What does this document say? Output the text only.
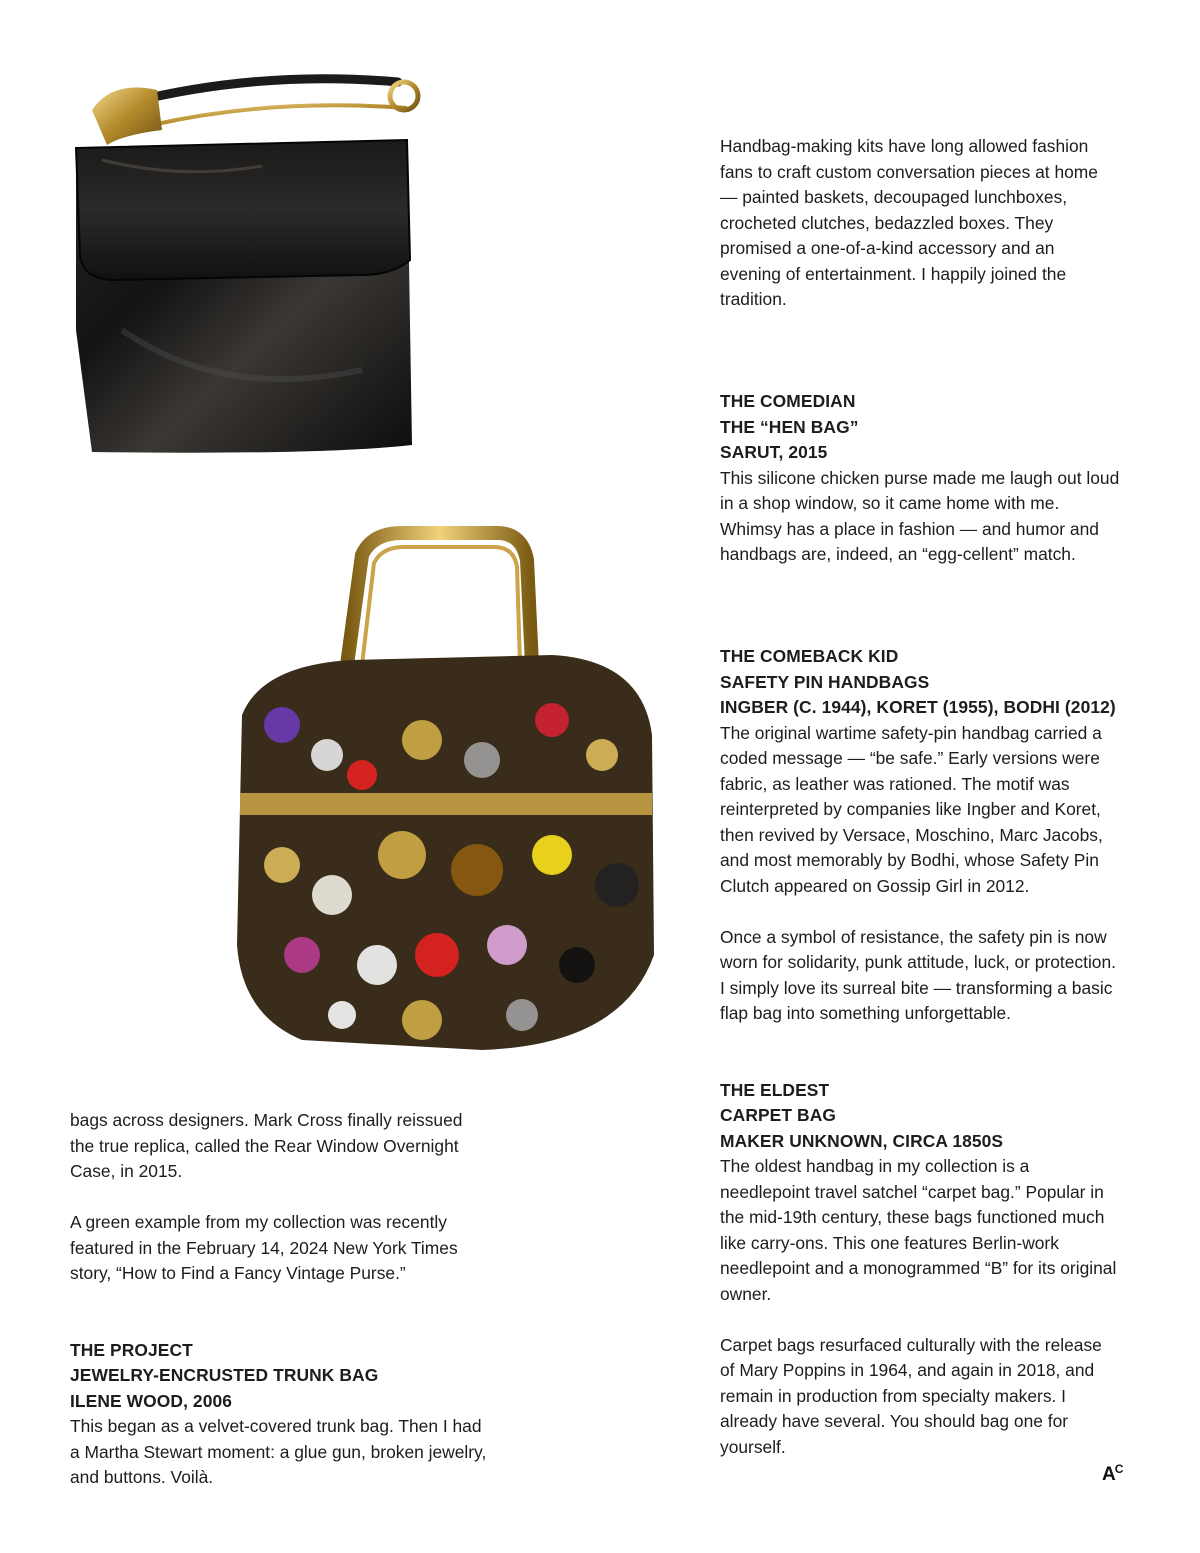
Handbag-making kits have long allowed fashion fans to craft custom conversation pieces at home — painted baskets, decoupaged lunchboxes, crocheted clutches, bedazzled boxes. They promised a one-of-a-kind accessory and an evening of entertainment. I happily joined the tradition.

THE COMEDIAN

THE “HEN BAG”

SARUT, 2015

This silicone chicken purse made me laugh out loud in a shop window, so it came home with me. Whimsy has a place in fashion — and humor and handbags are, indeed, an “egg-cellent” match.

THE COMEBACK KID

SAFETY PIN HANDBAGS

INGBER (C. 1944), KORET (1955), BODHI (2012)

The original wartime safety-pin handbag carried a coded message — “be safe.” Early versions were fabric, as leather was rationed. The motif was reinterpreted by companies like Ingber and Koret, then revived by Versace, Moschino, Marc Jacobs, and most memorably by Bodhi, whose Safety Pin Clutch appeared on Gossip Girl in 2012.

Once a symbol of resistance, the safety pin is now worn for solidarity, punk attitude, luck, or protection. I simply love its surreal bite — transforming a basic flap bag into something unforgettable.

THE ELDEST

CARPET BAG

MAKER UNKNOWN, CIRCA 1850S

The oldest handbag in my collection is a needlepoint travel satchel “carpet bag.” Popular in the mid-19th century, these bags functioned much like carry-ons. This one features Berlin-work needlepoint and a monogrammed “B” for its original owner.

Carpet bags resurfaced culturally with the release of Mary Poppins in 1964, and again in 2018, and remain in production from specialty makers. I already have several. You should bag one for yourself.

bags across designers. Mark Cross finally reissued the true replica, called the Rear Window Overnight Case, in 2015.

A green example from my collection was recently featured in the February 14, 2024 New York Times story, “How to Find a Fancy Vintage Purse.”

THE PROJECT

JEWELRY-ENCRUSTED TRUNK BAG

ILENE WOOD, 2006

This began as a velvet-covered trunk bag. Then I had a Martha Stewart moment: a glue gun, broken jewelry, and buttons. Voilà.	$A^C$
